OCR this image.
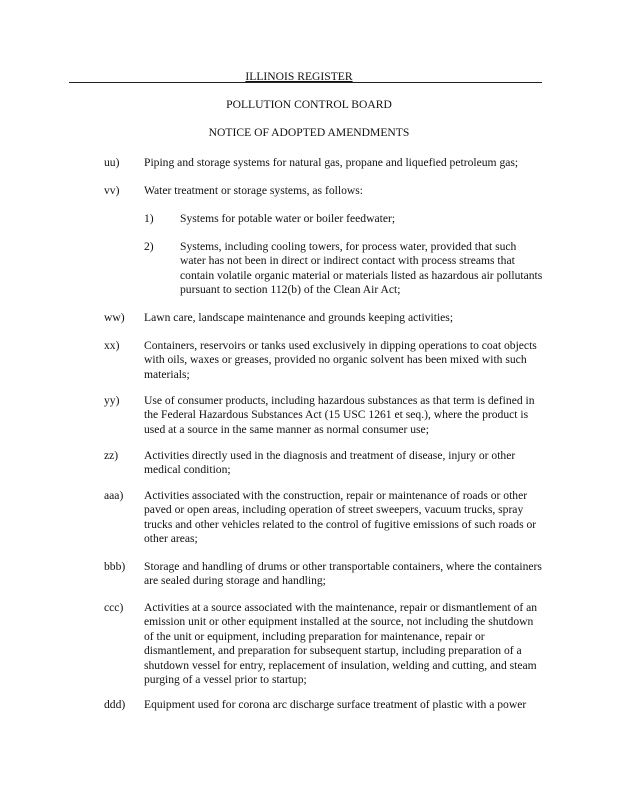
ILLINOIS REGISTER
POLLUTION CONTROL BOARD
NOTICE OF ADOPTED AMENDMENTS
uu)	Piping and storage systems for natural gas, propane and liquefied petroleum gas;
vv)	Water treatment or storage systems, as follows:
1)	Systems for potable water or boiler feedwater;
2)	Systems, including cooling towers, for process water, provided that such water has not been in direct or indirect contact with process streams that contain volatile organic material or materials listed as hazardous air pollutants pursuant to section 112(b) of the Clean Air Act;
ww)	Lawn care, landscape maintenance and grounds keeping activities;
xx)	Containers, reservoirs or tanks used exclusively in dipping operations to coat objects with oils, waxes or greases, provided no organic solvent has been mixed with such materials;
yy)	Use of consumer products, including hazardous substances as that term is defined in the Federal Hazardous Substances Act (15 USC 1261 et seq.), where the product is used at a source in the same manner as normal consumer use;
zz)	Activities directly used in the diagnosis and treatment of disease, injury or other medical condition;
aaa)	Activities associated with the construction, repair or maintenance of roads or other paved or open areas, including operation of street sweepers, vacuum trucks, spray trucks and other vehicles related to the control of fugitive emissions of such roads or other areas;
bbb)	Storage and handling of drums or other transportable containers, where the containers are sealed during storage and handling;
ccc)	Activities at a source associated with the maintenance, repair or dismantlement of an emission unit or other equipment installed at the source, not including the shutdown of the unit or equipment, including preparation for maintenance, repair or dismantlement, and preparation for subsequent startup, including preparation of a shutdown vessel for entry, replacement of insulation, welding and cutting, and steam purging of a vessel prior to startup;
ddd)	Equipment used for corona arc discharge surface treatment of plastic with a power
